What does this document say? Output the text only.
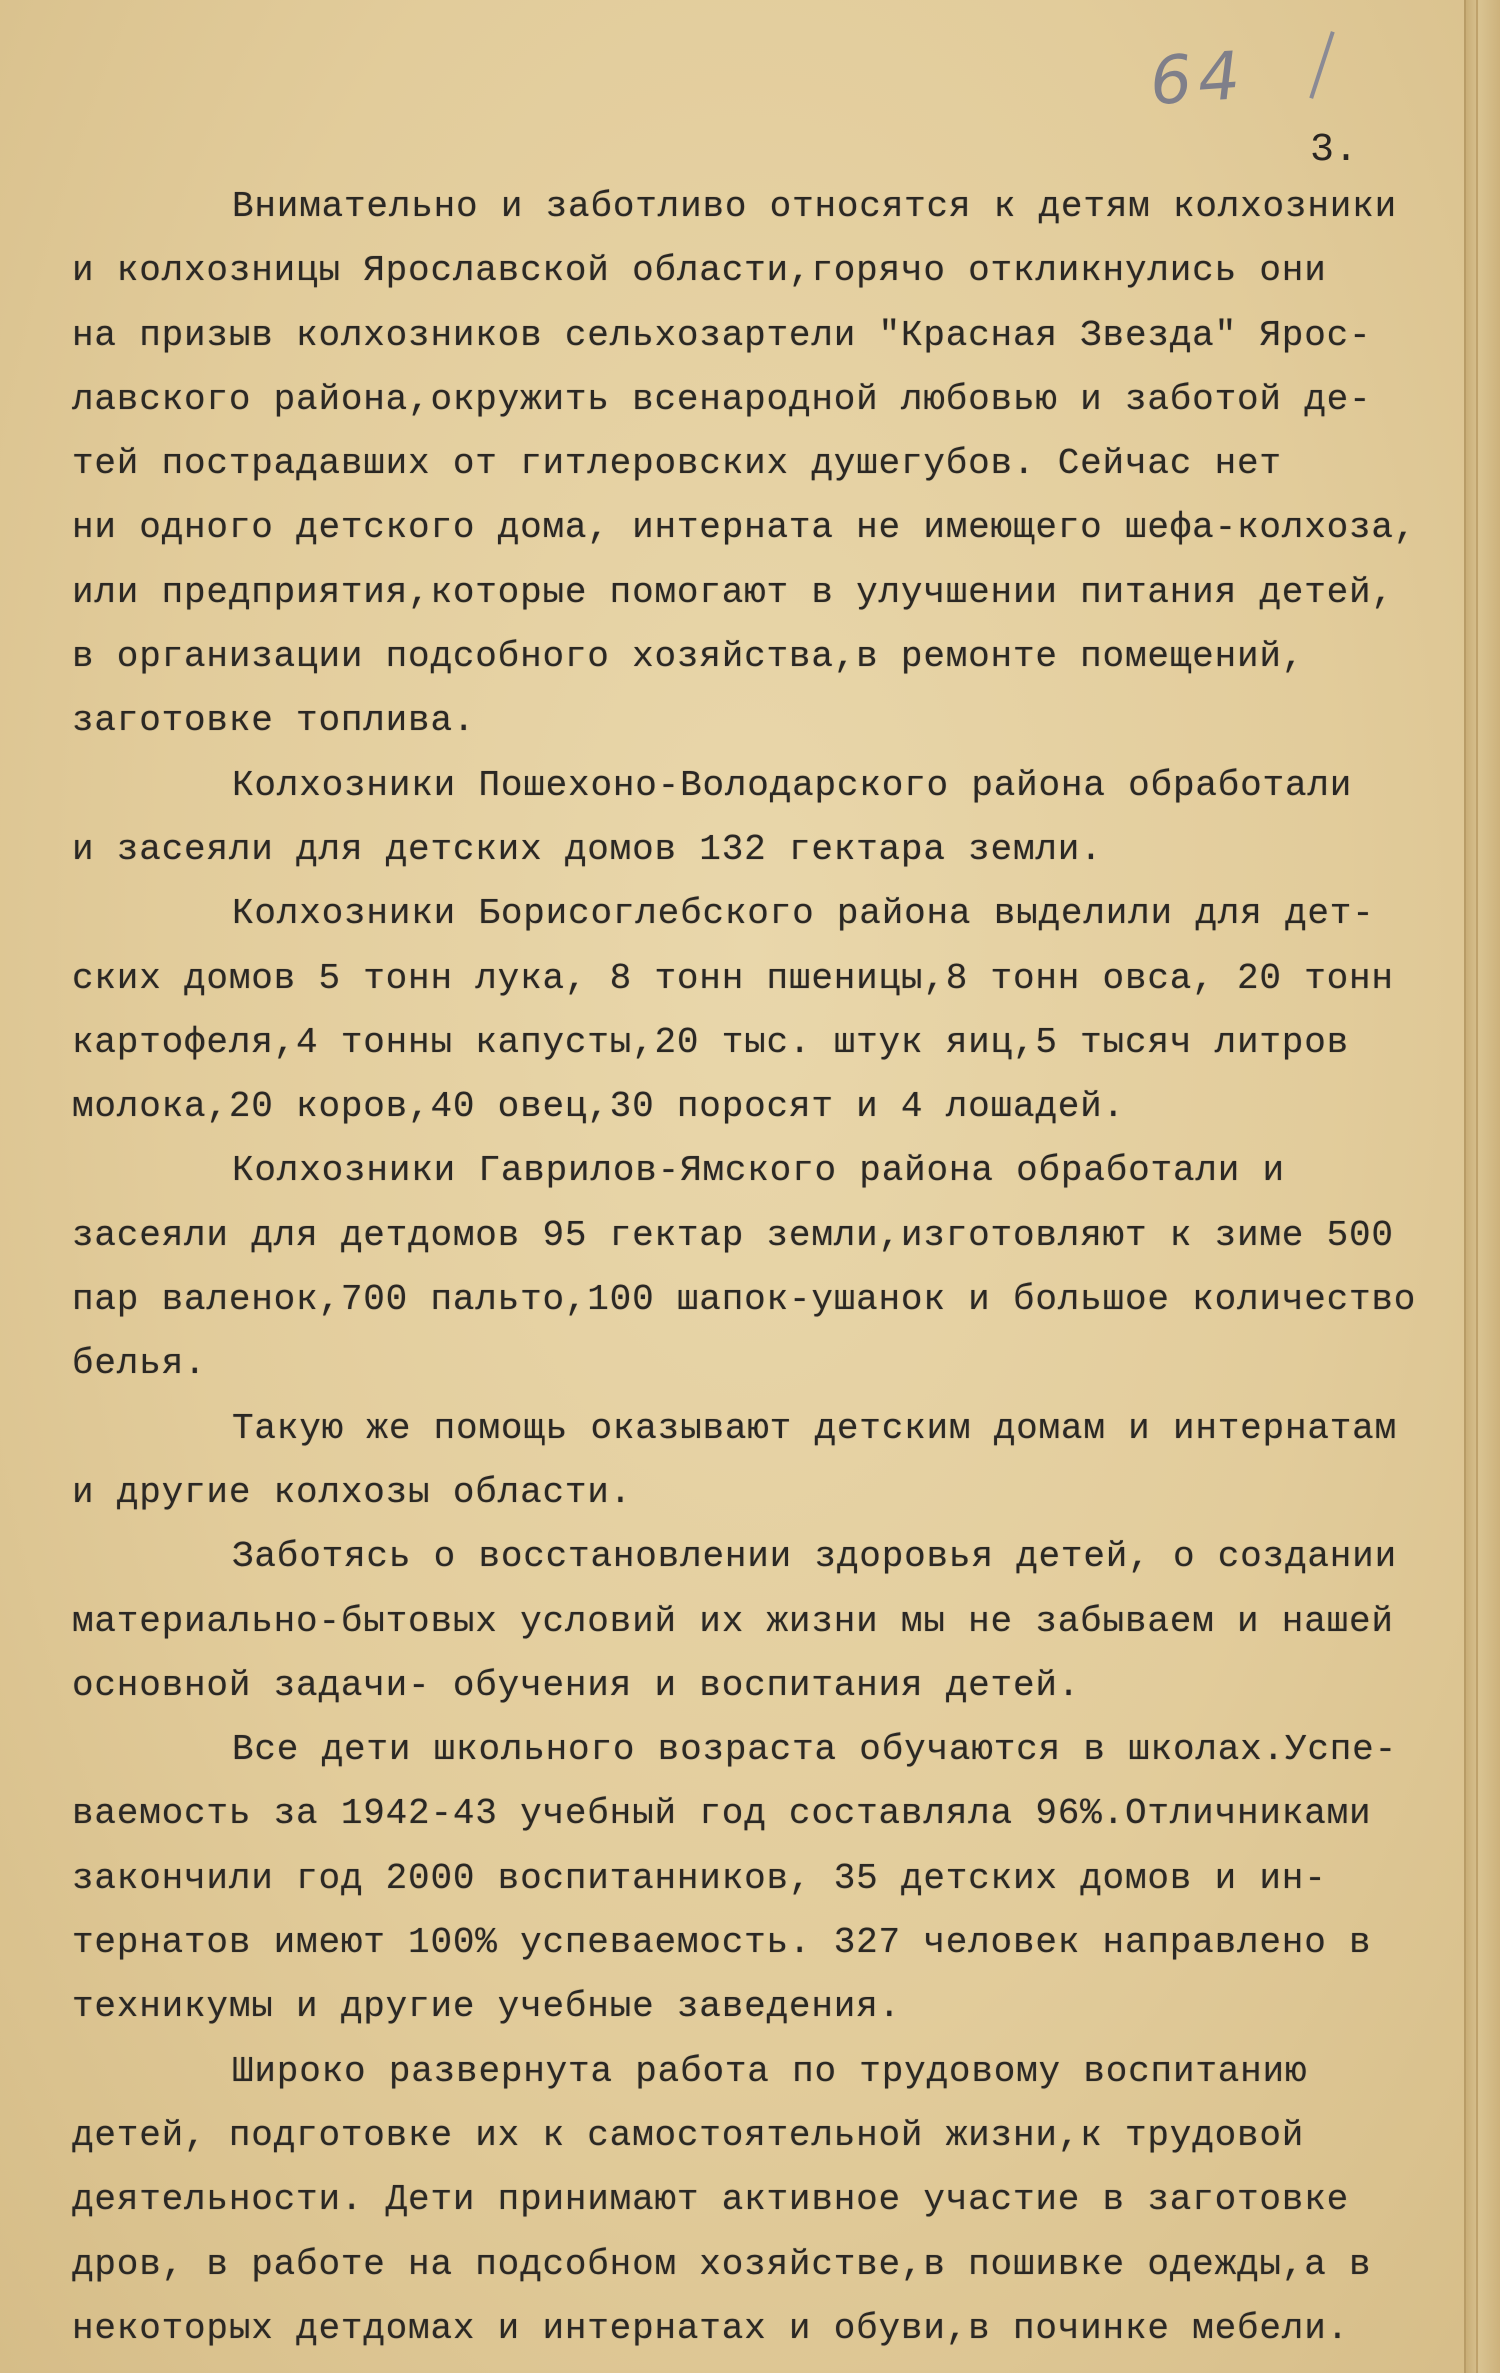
64
3.
Внимательно и заботливо относятся к детям колхозники
и колхозницы Ярославской области,горячо откликнулись они
на призыв колхозников сельхозартели "Красная Звезда" Ярос-
лавского района,окружить всенародной любовью и заботой де-
тей пострадавших от гитлеровских душегубов. Сейчас нет
ни одного детского дома, интерната не имеющего шефа-колхоза,
или предприятия,которые помогают в улучшении питания детей,
в организации подсобного хозяйства,в ремонте помещений,
заготовке топлива.
Колхозники Пошехоно-Володарского района обработали
и засеяли для детских домов 132 гектара земли.
Колхозники Борисоглебского района выделили для дет-
ских домов 5 тонн лука, 8 тонн пшеницы,8 тонн овса, 20 тонн
картофеля,4 тонны капусты,20 тыс. штук яиц,5 тысяч литров
молока,20 коров,40 овец,30 поросят и 4 лошадей.
Колхозники Гаврилов-Ямского района обработали и
засеяли для детдомов 95 гектар земли,изготовляют к зиме 500
пар валенок,700 пальто,100 шапок-ушанок и большое количество
белья.
Такую же помощь оказывают детским домам и интернатам
и другие колхозы области.
Заботясь о восстановлении здоровья детей, о создании
материально-бытовых условий их жизни мы не забываем и нашей
основной задачи- обучения и воспитания детей.
Все дети школьного возраста обучаются в школах.Успе-
ваемость за 1942-43 учебный год составляла 96%.Отличниками
закончили год 2000 воспитанников, 35 детских домов и ин-
тернатов имеют 100% успеваемость. 327 человек направлено в
техникумы и другие учебные заведения.
Широко развернута работа по трудовому воспитанию
детей, подготовке их к самостоятельной жизни,к трудовой
деятельности. Дети принимают активное участие в заготовке
дров, в работе на подсобном хозяйстве,в пошивке одежды,а в
некоторых детдомах и интернатах и обуви,в починке мебели.
